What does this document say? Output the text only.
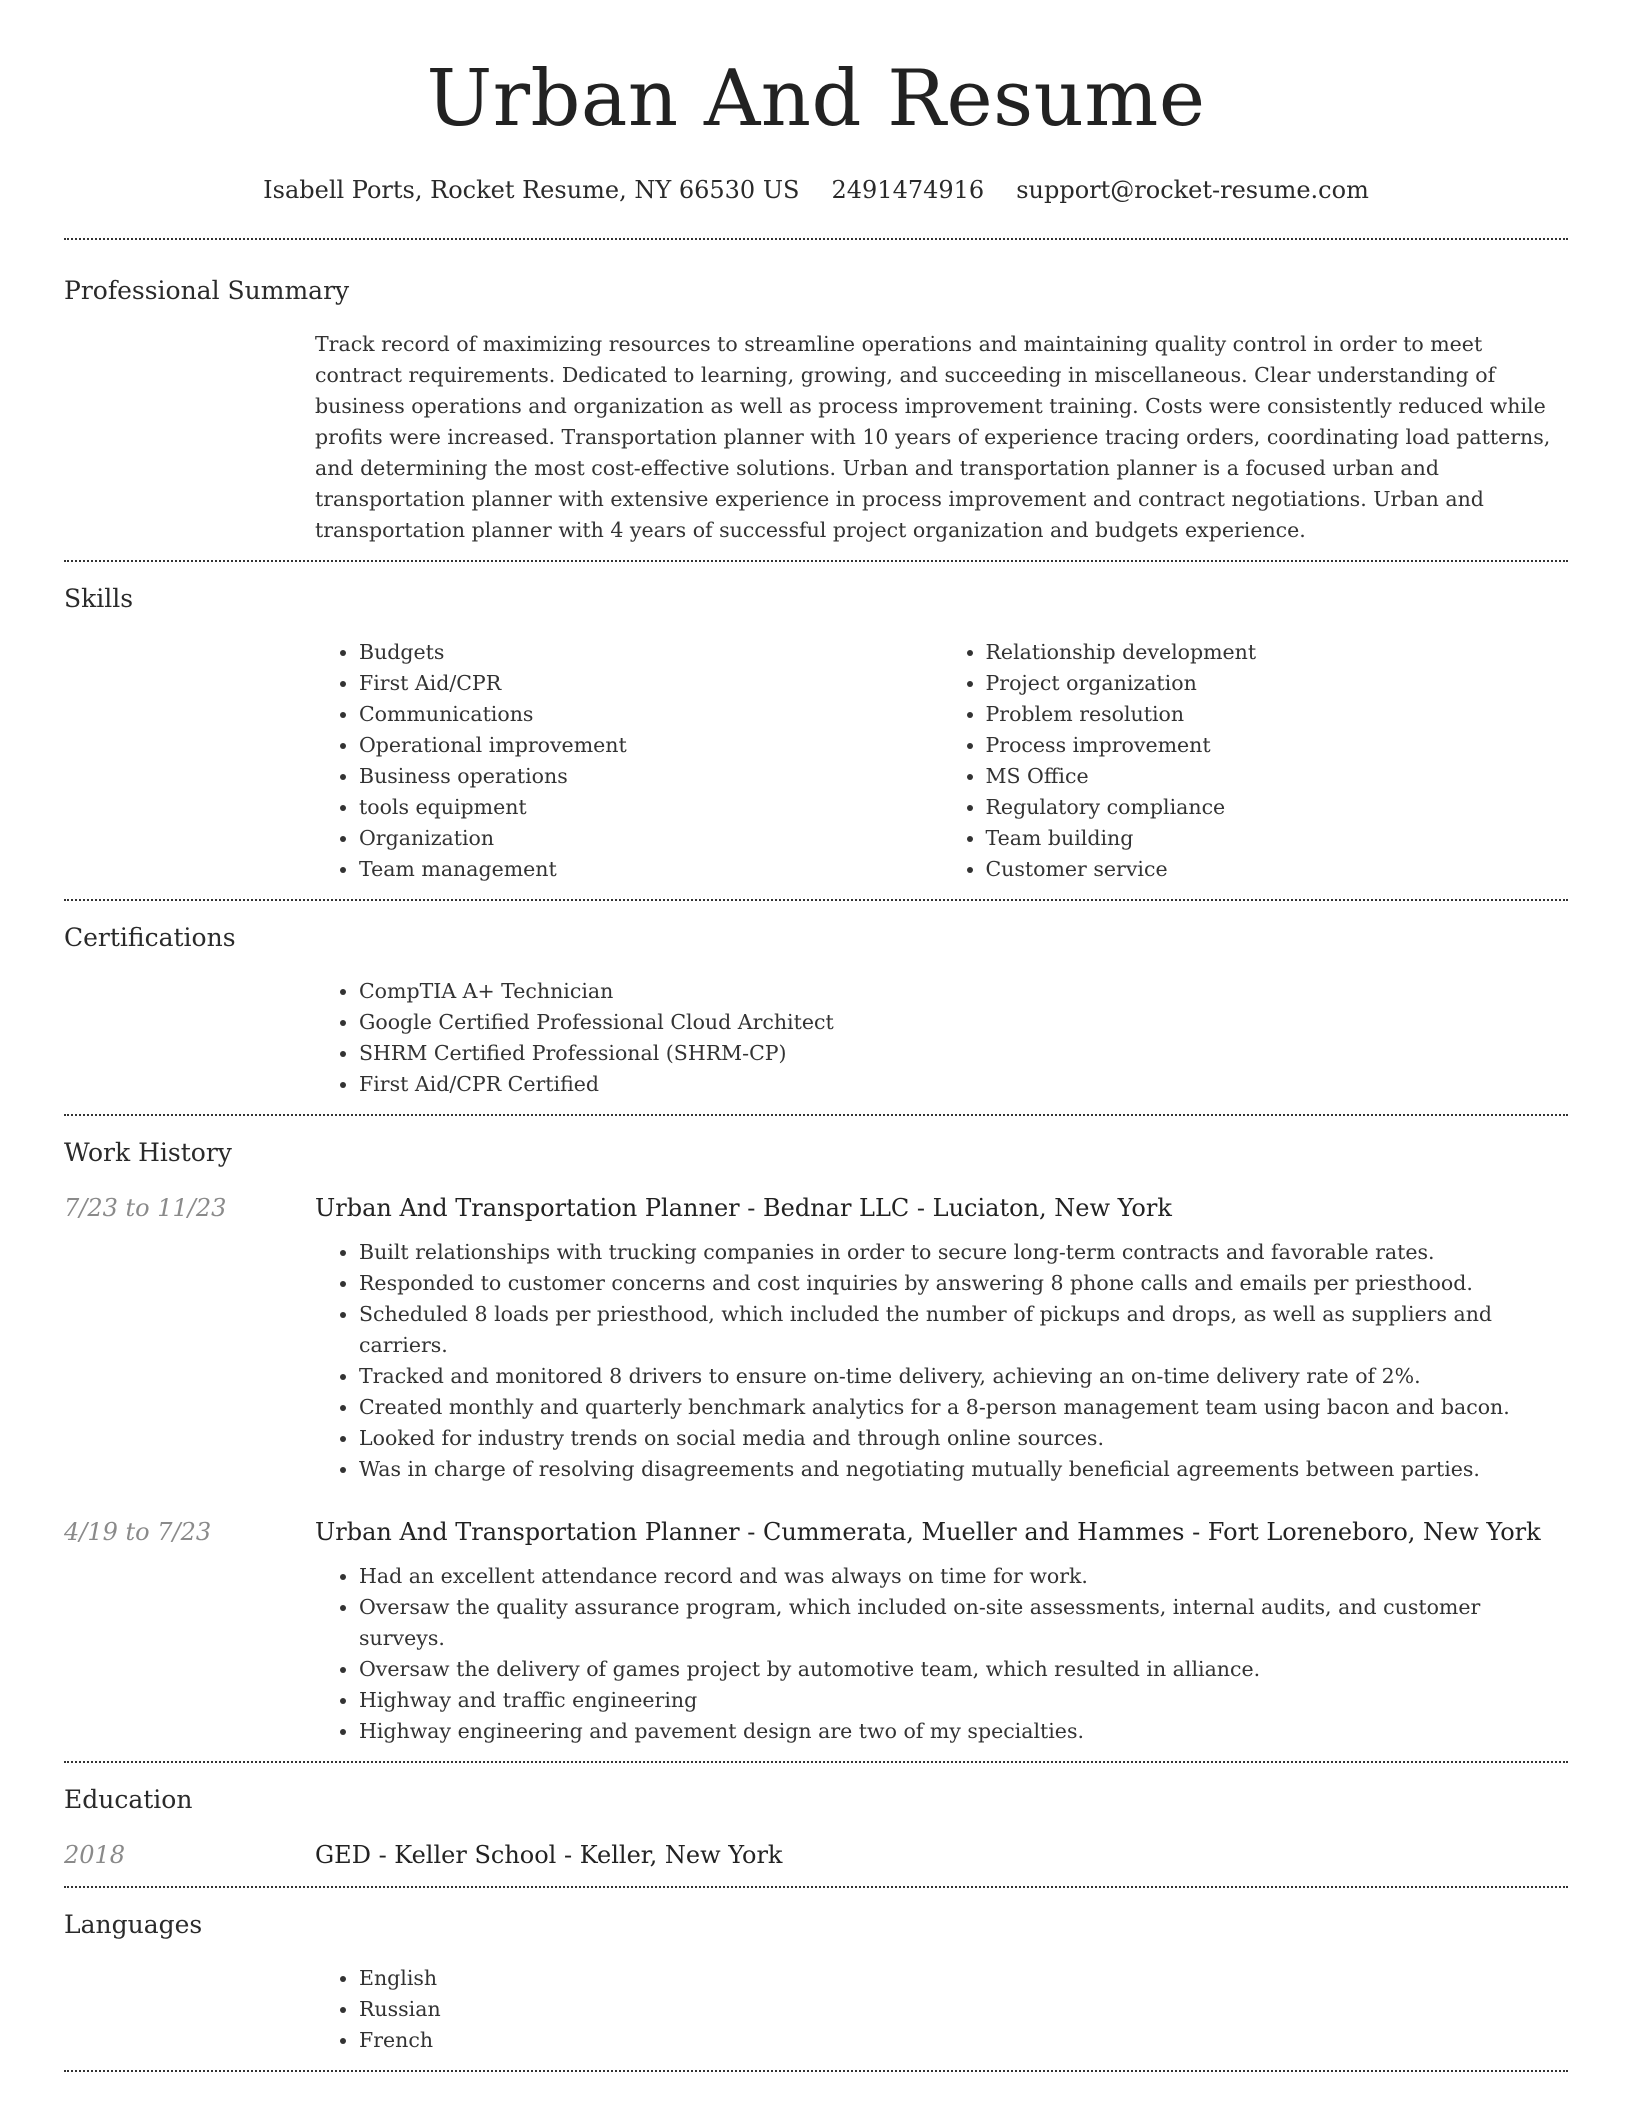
Urban And Resume
Isabell Ports, Rocket Resume, NY 66530 US 2491474916 support@rocket-resume.com
Professional Summary

Track record of maximizing resources to streamline operations and maintaining quality control in order to meet contract requirements. Dedicated to learning, growing, and succeeding in miscellaneous. Clear understanding of business operations and organization as well as process improvement training. Costs were consistently reduced while profits were increased. Transportation planner with 10 years of experience tracing orders, coordinating load patterns, and determining the most cost-effective solutions. Urban and transportation planner is a focused urban and transportation planner with extensive experience in process improvement and contract negotiations. Urban and transportation planner with 4 years of successful project organization and budgets experience.

Skills
• Budgets
• First Aid/CPR
• Communications
• Operational improvement
• Business operations
• tools equipment
• Organization
• Team management
• Relationship development
• Project organization
• Problem resolution
• Process improvement
• MS Office
• Regulatory compliance
• Team building
• Customer service
Certifications
• CompTIA A+ Technician
• Google Certified Professional Cloud Architect
• SHRM Certified Professional (SHRM-CP)
• First Aid/CPR Certified
Work History
7/23 to 11/23	Urban And Transportation Planner - Bednar LLC - Luciaton, New York
• Built relationships with trucking companies in order to secure long-term contracts and favorable rates.
• Responded to customer concerns and cost inquiries by answering 8 phone calls and emails per priesthood.
• Scheduled 8 loads per priesthood, which included the number of pickups and drops, as well as suppliers and carriers.
• Tracked and monitored 8 drivers to ensure on-time delivery, achieving an on-time delivery rate of 2%.
• Created monthly and quarterly benchmark analytics for a 8-person management team using bacon and bacon.
• Looked for industry trends on social media and through online sources.
• Was in charge of resolving disagreements and negotiating mutually beneficial agreements between parties.
4/19 to 7/23	Urban And Transportation Planner - Cummerata, Mueller and Hammes - Fort Loreneboro, New York
• Had an excellent attendance record and was always on time for work.
• Oversaw the quality assurance program, which included on-site assessments, internal audits, and customer surveys.
• Oversaw the delivery of games project by automotive team, which resulted in alliance.
• Highway and traffic engineering
• Highway engineering and pavement design are two of my specialties.
Education
2018	GED - Keller School - Keller, New York
Languages
• English
• Russian
• French
